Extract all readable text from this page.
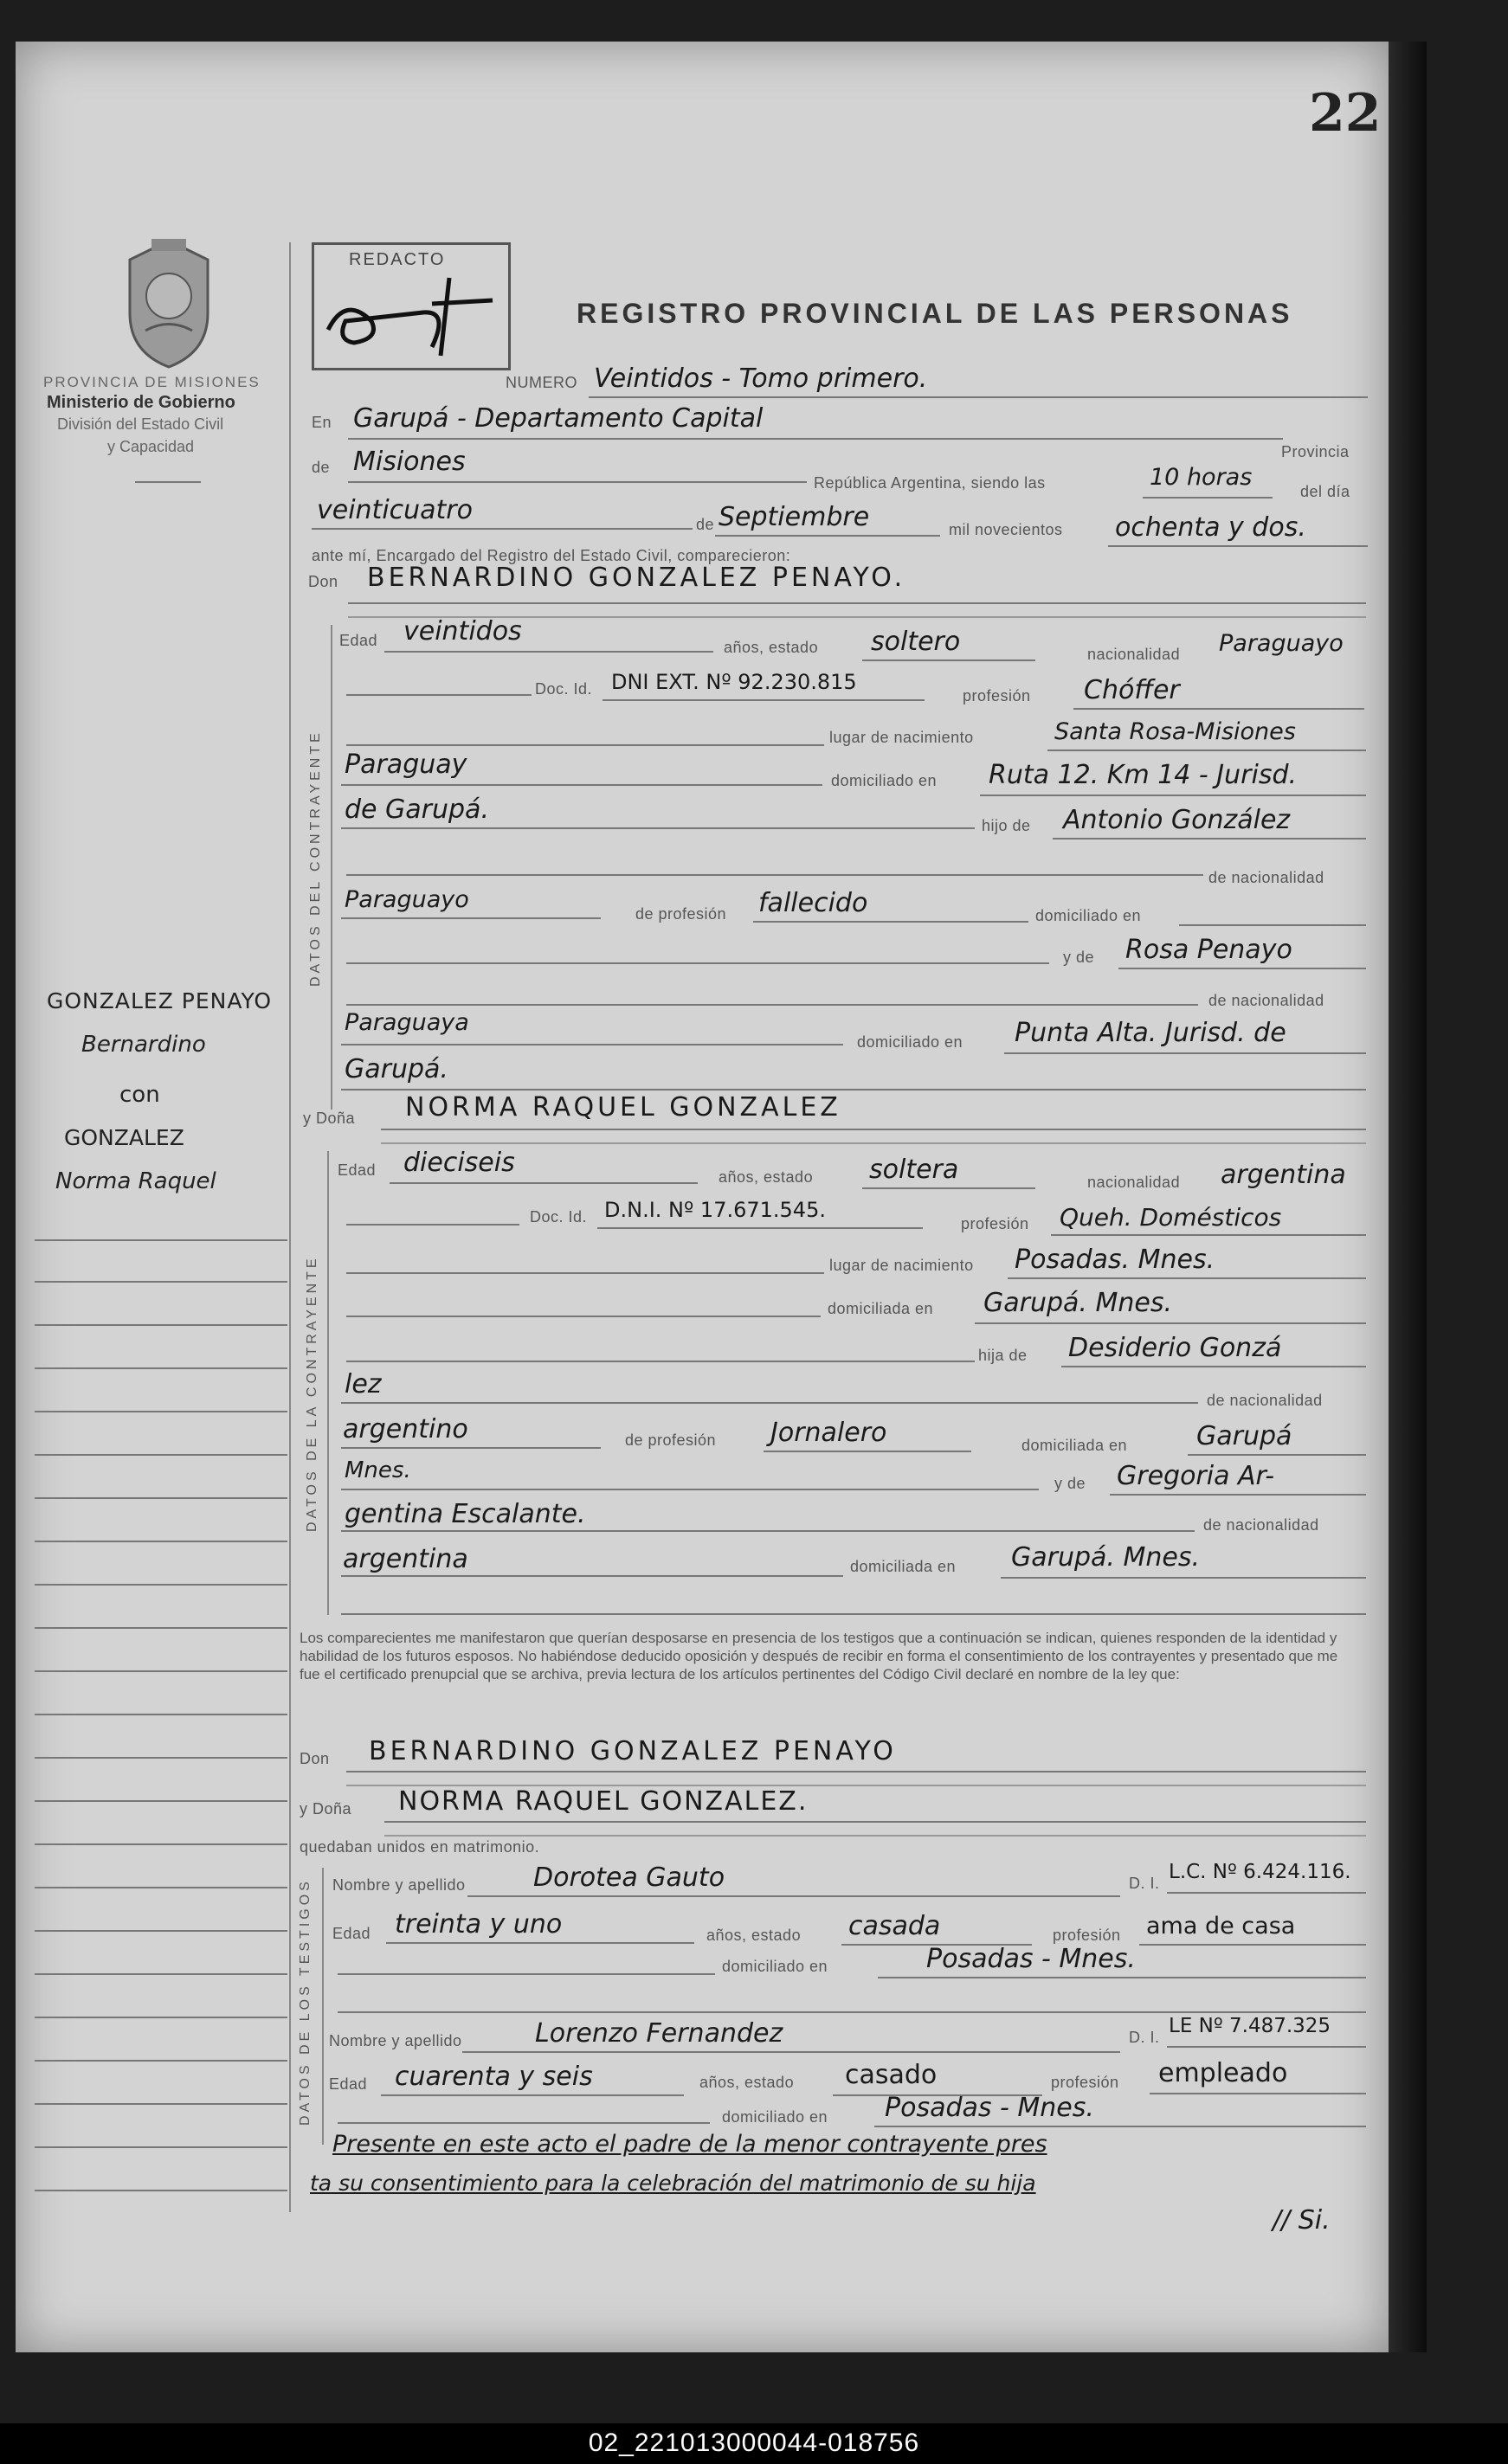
22
PROVINCIA DE MISIONES
Ministerio de Gobierno
División del Estado Civil
y Capacidad
REDACTO
REGISTRO PROVINCIAL DE LAS PERSONAS
GONZALEZ PENAYO
Bernardino
con
GONZALEZ
Norma Raquel
NUMERO Veintidos - Tomo primero.
En Garupá - Departamento Capital
Provincia
de Misiones
República Argentina, siendo las	10 horas
del día
veinticuatro	de Septiembre	mil novecientos ochenta y dos.
ante mí, Encargado del Registro del Estado Civil, comparecieron:
Don BERNARDINO GONZALEZ PENAYO.
DATOS DEL CONTRAYENTE
Edad veintidos
años, estado soltero	nacionalidad Paraguayo
Doc. Id. DNI EXT. Nº 92.230.815
profesión Chóffer
lugar de nacimiento	Santa Rosa-Misiones
Paraguay
domiciliado en Ruta 12. Km 14 - Jurisd.
de Garupá.
hijo de Antonio González
de nacionalidad
Paraguayo
de profesión fallecido	domiciliado en
y de Rosa Penayo
de nacionalidad
Paraguaya
domiciliado en Punta Alta. Jurisd. de
Garupá.
y Doña NORMA RAQUEL GONZALEZ
DATOS DE LA CONTRAYENTE
Edad dieciseis	años, estado soltera	nacionalidad argentina
Doc. Id. D.N.I. Nº 17.671.545.
profesión Queh. Domésticos
lugar de nacimiento Posadas. Mnes.
domiciliada en Garupá. Mnes.
hija de Desiderio Gonzá
lez
de nacionalidad
argentino	de profesión Jornalero	domiciliada en	Garupá
Mnes.	y de Gregoria Ar-
gentina Escalante.	de nacionalidad
argentina	domiciliada en Garupá. Mnes.
Los comparecientes me manifestaron que querían desposarse en presencia de los testigos que a continuación se indican, quienes responden de la identidad y habilidad de los futuros esposos. No habiéndose deducido oposición y después de recibir en forma el consentimiento de los contrayentes y presentado que me fue el certificado prenupcial que se archiva, previa lectura de los artículos pertinentes del Código Civil declaré en nombre de la ley que:
Don BERNARDINO GONZALEZ PENAYO
y Doña NORMA RAQUEL GONZALEZ.
quedaban unidos en matrimonio.
DATOS DE LOS TESTIGOS Nombre y apellido	Dorotea Gauto	D. I. L.C. Nº 6.424.116.
Edad treinta y uno	años, estado casada	profesión ama de casa
domiciliado en	Posadas - Mnes.
Nombre y apellido	Lorenzo Fernandez	D. I. LE Nº 7.487.325
Edad cuarenta y seis	años, estado casado	profesión empleado
domiciliado en Posadas - Mnes.
Presente en este acto el padre de la menor contrayente pres
ta su consentimiento para la celebración del matrimonio de su hija
// Si.
02_221013000044-018756
